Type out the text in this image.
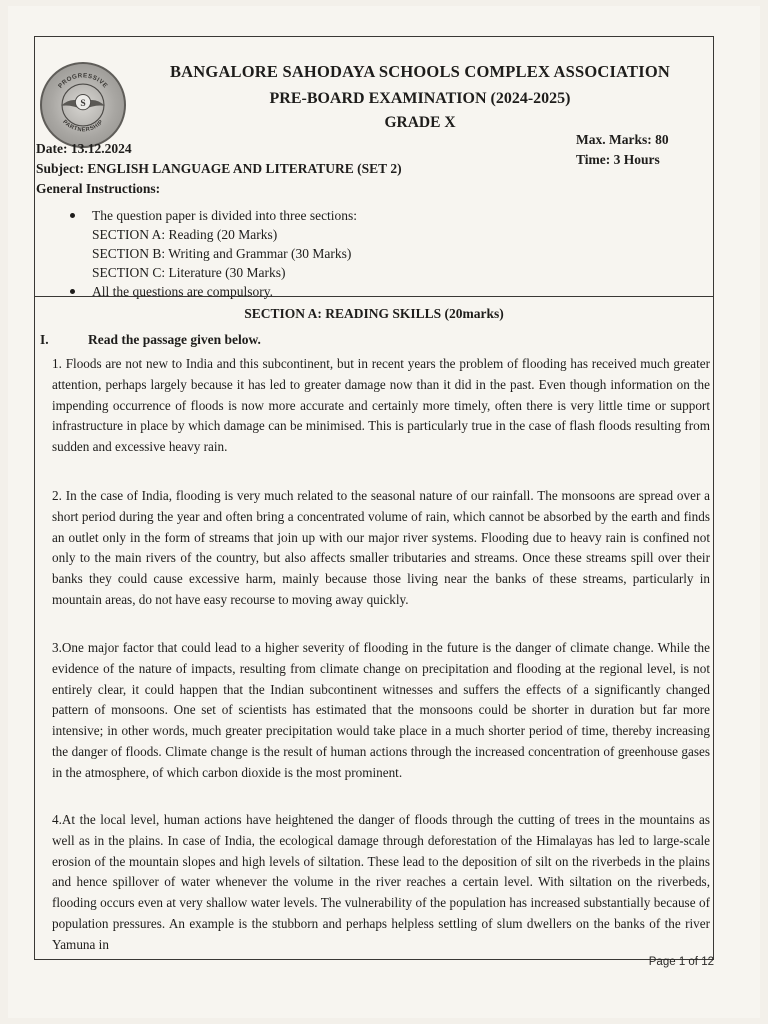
S
PROGRESSIVE
PARTNERSHIP
BANGALORE SAHODAYA SCHOOLS COMPLEX ASSOCIATION
PRE-BOARD EXAMINATION (2024-2025)
GRADE X
Date: 13.12.2024
Subject: ENGLISH LANGUAGE AND LITERATURE (SET 2)
General Instructions:
Max. Marks: 80
Time: 3 Hours
The question paper is divided into three sections:
SECTION A: Reading (20 Marks)
SECTION B: Writing and Grammar (30 Marks)
SECTION C: Literature (30 Marks)
All the questions are compulsory.
SECTION A: READING SKILLS (20marks)
I.	Read the passage given below.

1. Floods are not new to India and this subcontinent, but in recent years the problem of flooding has received much greater attention, perhaps largely because it has led to greater damage now than it did in the past. Even though information on the impending occurrence of floods is now more accurate and certainly more timely, often there is very little time or support infrastructure in place by which damage can be minimised. This is particularly true in the case of flash floods resulting from sudden and excessive heavy rain.

2. In the case of India, flooding is very much related to the seasonal nature of our rainfall. The monsoons are spread over a short period during the year and often bring a concentrated volume of rain, which cannot be absorbed by the earth and finds an outlet only in the form of streams that join up with our major river systems. Flooding due to heavy rain is confined not only to the main rivers of the country, but also affects smaller tributaries and streams. Once these streams spill over their banks they could cause excessive harm, mainly because those living near the banks of these streams, particularly in mountain areas, do not have easy recourse to moving away quickly.

3.One major factor that could lead to a higher severity of flooding in the future is the danger of climate change. While the evidence of the nature of impacts, resulting from climate change on precipitation and flooding at the regional level, is not entirely clear, it could happen that the Indian subcontinent witnesses and suffers the effects of a significantly changed pattern of monsoons. One set of scientists has estimated that the monsoons could be shorter in duration but far more intensive; in other words, much greater precipitation would take place in a much shorter period of time, thereby increasing the danger of floods. Climate change is the result of human actions through the increased concentration of greenhouse gases in the atmosphere, of which carbon dioxide is the most prominent.

4.At the local level, human actions have heightened the danger of floods through the cutting of trees in the mountains as well as in the plains. In case of India, the ecological damage through deforestation of the Himalayas has led to large-scale erosion of the mountain slopes and high levels of siltation. These lead to the deposition of silt on the riverbeds in the plains and hence spillover of water whenever the volume in the river reaches a certain level. With siltation on the riverbeds, flooding occurs even at very shallow water levels. The vulnerability of the population has increased substantially because of population pressures. An example is the stubborn and perhaps helpless settling of slum dwellers on the banks of the river Yamuna in

Page 1 of 12
